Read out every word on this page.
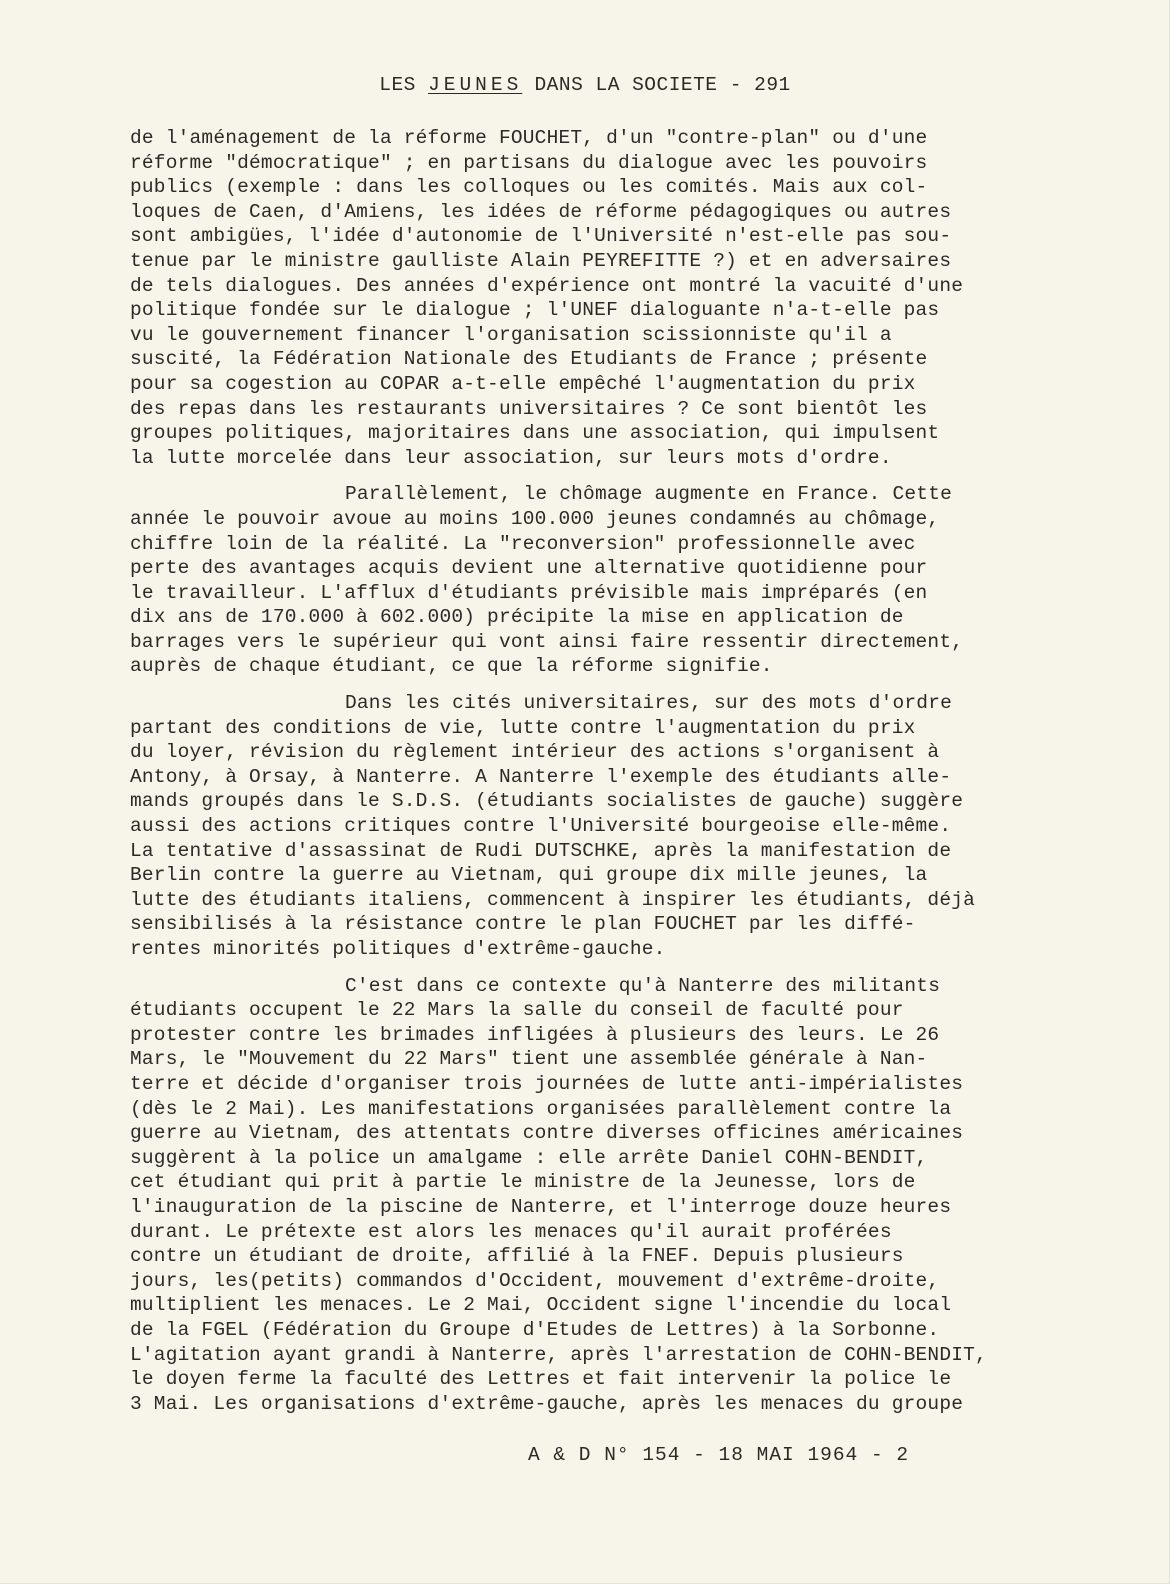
LES JEUNES DANS LA SOCIETE - 291
de l'aménagement de la réforme FOUCHET, d'un "contre-plan" ou d'une
réforme "démocratique" ; en partisans du dialogue avec les pouvoirs
publics (exemple : dans les colloques ou les comités. Mais aux col-
loques de Caen, d'Amiens, les idées de réforme pédagogiques ou autres
sont ambigües, l'idée d'autonomie de l'Université n'est-elle pas sou-
tenue par le ministre gaulliste Alain PEYREFITTE ?) et en adversaires
de tels dialogues. Des années d'expérience ont montré la vacuité d'une
politique fondée sur le dialogue ; l'UNEF dialoguante n'a-t-elle pas
vu le gouvernement financer l'organisation scissionniste qu'il a
suscité, la Fédération Nationale des Etudiants de France ; présente
pour sa cogestion au COPAR a-t-elle empêché l'augmentation du prix
des repas dans les restaurants universitaires ? Ce sont bientôt les
groupes politiques, majoritaires dans une association, qui impulsent
la lutte morcelée dans leur association, sur leurs mots d'ordre.
Parallèlement, le chômage augmente en France. Cette
année le pouvoir avoue au moins 100.000 jeunes condamnés au chômage,
chiffre loin de la réalité. La "reconversion" professionnelle avec
perte des avantages acquis devient une alternative quotidienne pour
le travailleur. L'afflux d'étudiants prévisible mais impréparés (en
dix ans de 170.000 à 602.000) précipite la mise en application de
barrages vers le supérieur qui vont ainsi faire ressentir directement,
auprès de chaque étudiant, ce que la réforme signifie.
Dans les cités universitaires, sur des mots d'ordre
partant des conditions de vie, lutte contre l'augmentation du prix
du loyer, révision du règlement intérieur des actions s'organisent à
Antony, à Orsay, à Nanterre. A Nanterre l'exemple des étudiants alle-
mands groupés dans le S.D.S. (étudiants socialistes de gauche) suggère
aussi des actions critiques contre l'Université bourgeoise elle-même.
La tentative d'assassinat de Rudi DUTSCHKE, après la manifestation de
Berlin contre la guerre au Vietnam, qui groupe dix mille jeunes, la
lutte des étudiants italiens, commencent à inspirer les étudiants, déjà
sensibilisés à la résistance contre le plan FOUCHET par les diffé-
rentes minorités politiques d'extrême-gauche.
C'est dans ce contexte qu'à Nanterre des militants
étudiants occupent le 22 Mars la salle du conseil de faculté pour
protester contre les brimades infligées à plusieurs des leurs. Le 26
Mars, le "Mouvement du 22 Mars" tient une assemblée générale à Nan-
terre et décide d'organiser trois journées de lutte anti-impérialistes
(dès le 2 Mai). Les manifestations organisées parallèlement contre la
guerre au Vietnam, des attentats contre diverses officines américaines
suggèrent à la police un amalgame : elle arrête Daniel COHN-BENDIT,
cet étudiant qui prit à partie le ministre de la Jeunesse, lors de
l'inauguration de la piscine de Nanterre, et l'interroge douze heures
durant. Le prétexte est alors les menaces qu'il aurait proférées
contre un étudiant de droite, affilié à la FNEF. Depuis plusieurs
jours, les(petits) commandos d'Occident, mouvement d'extrême-droite,
multiplient les menaces. Le 2 Mai, Occident signe l'incendie du local
de la FGEL (Fédération du Groupe d'Etudes de Lettres) à la Sorbonne.
L'agitation ayant grandi à Nanterre, après l'arrestation de COHN-BENDIT,
le doyen ferme la faculté des Lettres et fait intervenir la police le
3 Mai. Les organisations d'extrême-gauche, après les menaces du groupe
A & D N° 154 - 18 MAI 1964 - 2
